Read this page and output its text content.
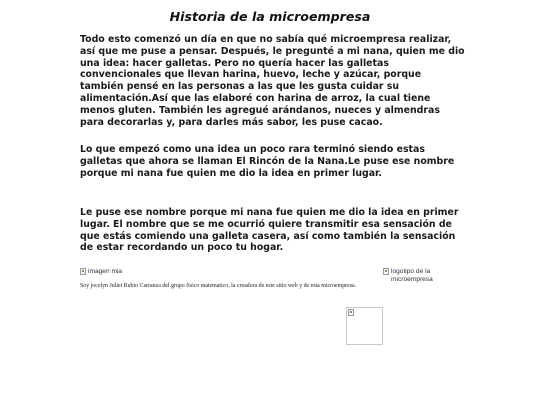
Historia de la microempresa

Todo esto comenzó un día en que no sabía qué microempresa realizar, así que me puse a pensar. Después, le pregunté a mi nana, quien me dio una idea: hacer galletas. Pero no quería hacer las galletas convencionales que llevan harina, huevo, leche y azúcar, porque también pensé en las personas a las que les gusta cuidar su alimentación.Así que las elaboré con harina de arroz, la cual tiene menos gluten. También les agregué arándanos, nueces y almendras para decorarlas y, para darles más sabor, les puse cacao.

Lo que empezó como una idea un poco rara terminó siendo estas galletas que ahora se llaman El Rincón de la Nana.Le puse ese nombre porque mi nana fue quien me dio la idea en primer lugar.

Le puse ese nombre porque mi nana fue quien me dio la idea en primer lugar. El nombre que se me ocurrió quiere transmitir esa sensación de que estás comiendo una galleta casera, así como también la sensación de estar recordando un poco tu hogar.

imagen mia	logotipo de la microempresa

Soy jocelyn Juliet Rubio Carranza del grupo fisico matematico, la creadora de este sitio web y de esta microempresa.
